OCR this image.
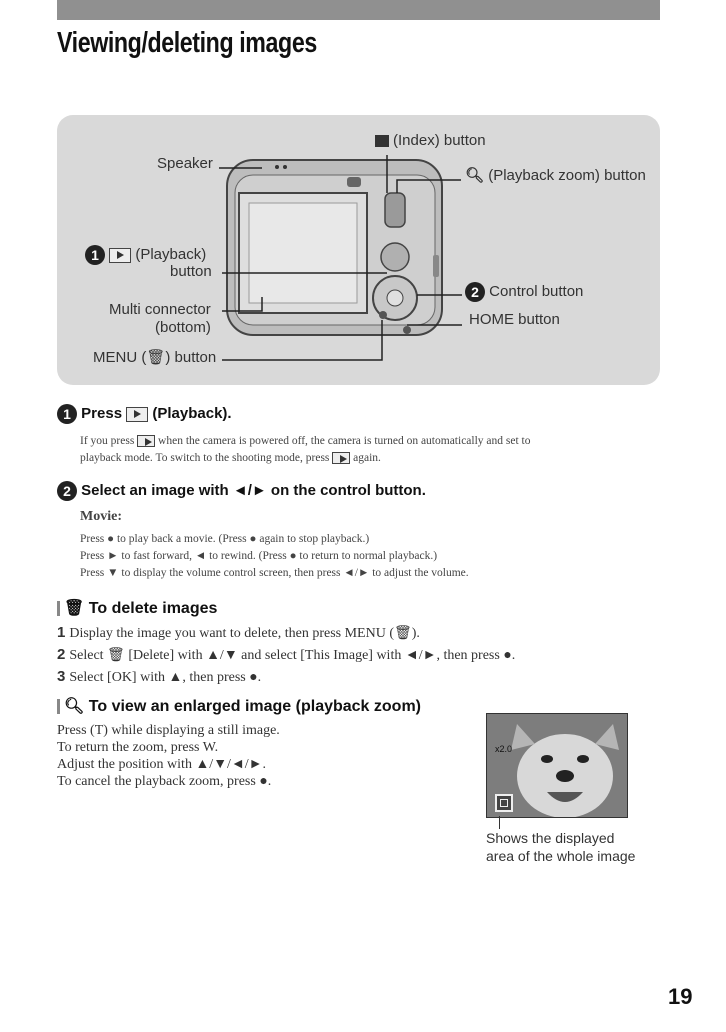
Viewing/deleting images
Speaker
(Index) button
🔍︎ (Playback zoom) button
1 (Playback)
button
Multi connector
(bottom)
2 Control button
HOME button
MENU (🗑︎) button
1 Press (Playback).
If you press when the camera is powered off, the camera is turned on automatically and set to
playback mode. To switch to the shooting mode, press again.
2 Select an image with ◄/► on the control button.
Movie:
Press ● to play back a movie. (Press ● again to stop playback.)
Press ► to fast forward, ◄ to rewind. (Press ● to return to normal playback.)
Press ▼ to display the volume control screen, then press ◄/► to adjust the volume.
🗑︎ To delete images
1 Display the image you want to delete, then press MENU (🗑).
2 Select 🗑 [Delete] with ▲/▼ and select [This Image] with ◄/►, then press ●.
3 Select [OK] with ▲, then press ●.
🔍︎ To view an enlarged image (playback zoom)
Press (T) while displaying a still image.
To return the zoom, press W.
Adjust the position with ▲/▼/◄/►.
To cancel the playback zoom, press ●.
x2.0
Shows the displayed
area of the whole image
19
